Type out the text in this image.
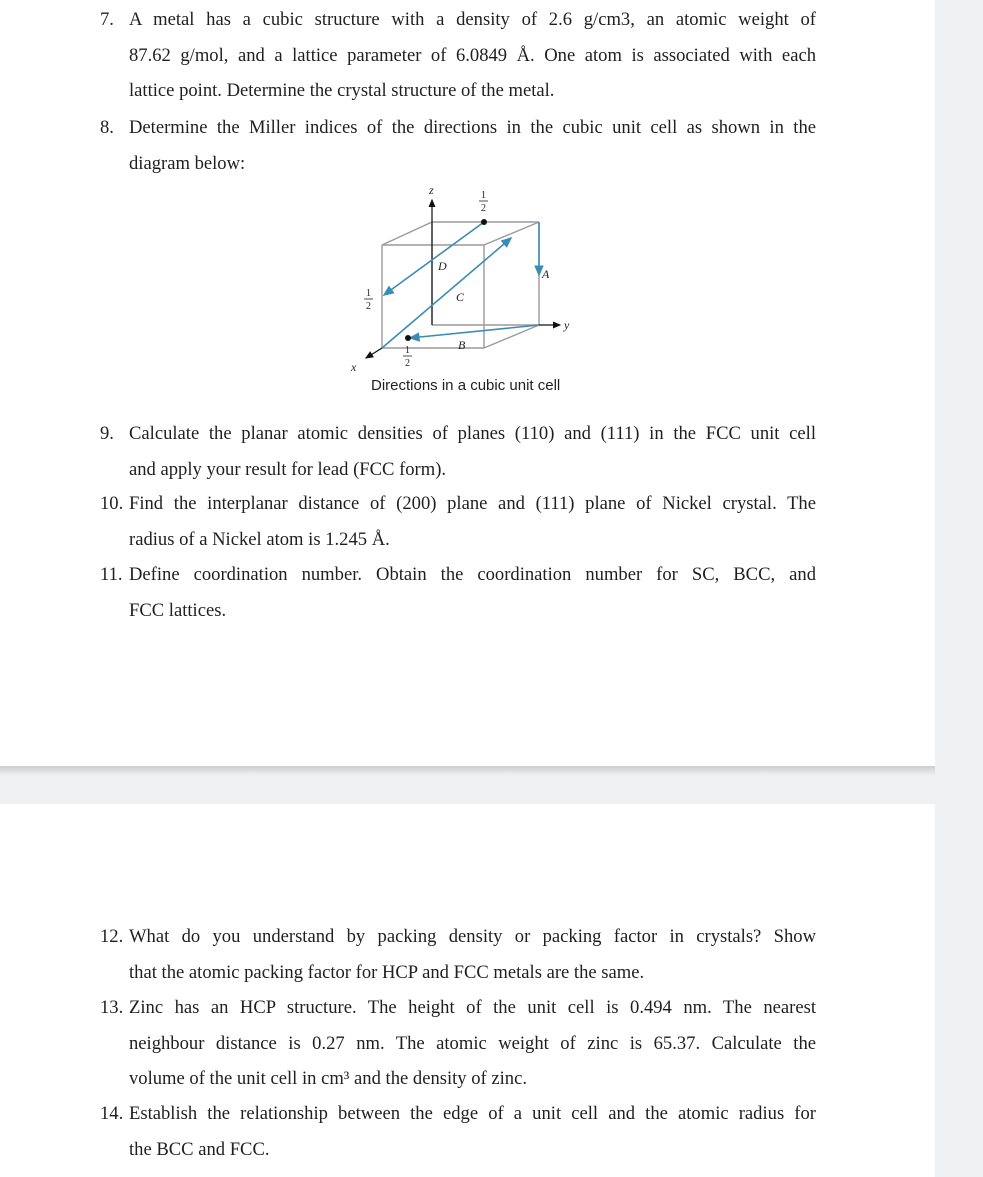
7. A metal has a cubic structure with a density of 2.6 g/cm3, an atomic weight of
87.62 g/mol, and a lattice parameter of 6.0849 Å. One atom is associated with each
lattice point. Determine the crystal structure of the metal.
8. Determine the Miller indices of the directions in the cubic unit cell as shown in the
diagram below:
z
y
x
A
B
C
D
1
2
1
2
1
2
Directions in a cubic unit cell
9. Calculate the planar atomic densities of planes (110) and (111) in the FCC unit cell
and apply your result for lead (FCC form).
10. Find the interplanar distance of (200) plane and (111) plane of Nickel crystal. The
radius of a Nickel atom is 1.245 Å.
11. Define coordination number. Obtain the coordination number for SC, BCC, and
FCC lattices.
12. What do you understand by packing density or packing factor in crystals? Show
that the atomic packing factor for HCP and FCC metals are the same.
13. Zinc has an HCP structure. The height of the unit cell is 0.494 nm. The nearest
neighbour distance is 0.27 nm. The atomic weight of zinc is 65.37. Calculate the
volume of the unit cell in cm³ and the density of zinc.
14. Establish the relationship between the edge of a unit cell and the atomic radius for
the BCC and FCC.
